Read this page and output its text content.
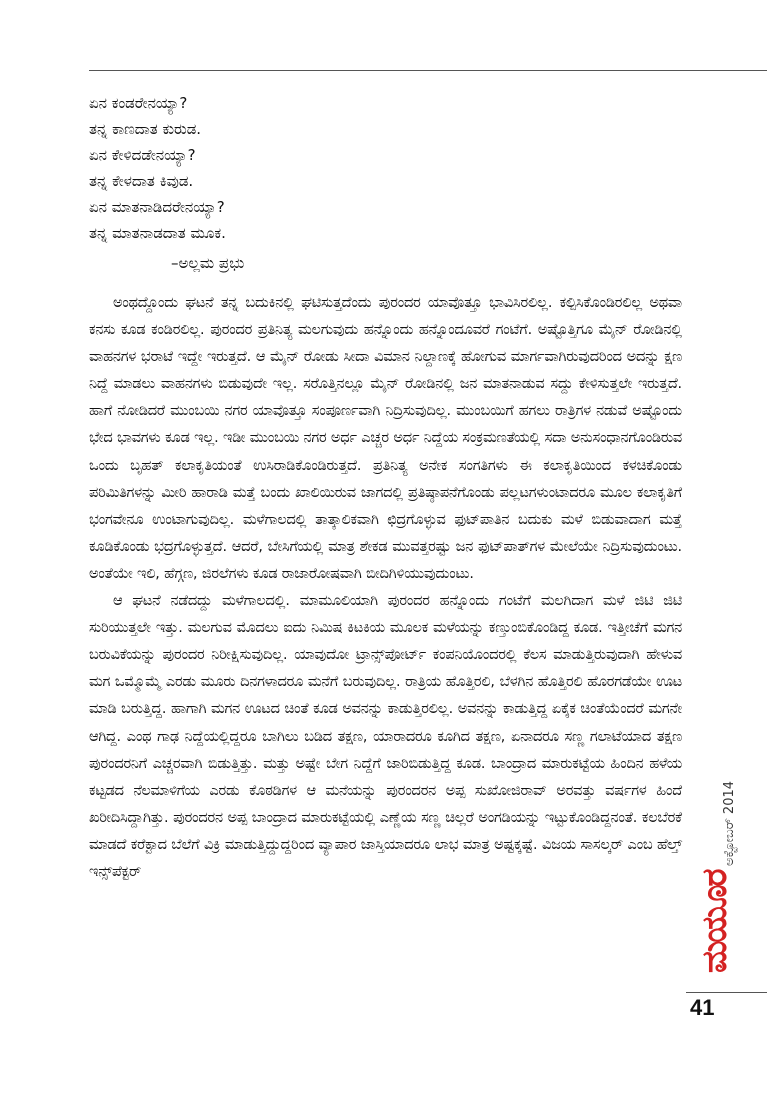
ಏನ ಕಂಡರೇನಯ್ಯಾ?
ತನ್ನ ಕಾಣದಾತ ಕುರುಡ.
ಏನ ಕೇಳಿದಡೇನಯ್ಯಾ?
ತನ್ನ ಕೇಳದಾತ ಕಿವುಡ.
ಏನ ಮಾತನಾಡಿದರೇನಯ್ಯಾ?
ತನ್ನ ಮಾತನಾಡದಾತ ಮೂಕ.
–ಅಲ್ಲಮ ಪ್ರಭು

ಅಂಥದ್ದೊಂದು ಘಟನೆ ತನ್ನ ಬದುಕಿನಲ್ಲಿ ಘಟಿಸುತ್ತದೆಂದು ಪುರಂದರ ಯಾವೊತ್ತೂ ಭಾವಿಸಿರಲಿಲ್ಲ. ಕಲ್ಪಿಸಿಕೊಂಡಿರಲಿಲ್ಲ ಅಥವಾ ಕನಸು ಕೂಡ ಕಂಡಿರಲಿಲ್ಲ. ಪುರಂದರ ಪ್ರತಿನಿತ್ಯ ಮಲಗುವುದು ಹನ್ನೊಂದು ಹನ್ನೊಂದೂವರೆ ಗಂಟೆಗೆ. ಅಷ್ಟೊತ್ತಿಗೂ ಮೈನ್ ರೋಡಿನಲ್ಲಿ ವಾಹನಗಳ ಭರಾಟೆ ಇದ್ದೇ ಇರುತ್ತದೆ. ಆ ಮೈನ್ ರೋಡು ಸೀದಾ ವಿಮಾನ ನಿಲ್ದಾಣಕ್ಕೆ ಹೋಗುವ ಮಾರ್ಗವಾಗಿರುವುದರಿಂದ ಅದನ್ನು ಕ್ಷಣ ನಿದ್ದೆ ಮಾಡಲು ವಾಹನಗಳು ಬಿಡುವುದೇ ಇಲ್ಲ. ಸರೊತ್ತಿನಲ್ಲೂ ಮೈನ್ ರೋಡಿನಲ್ಲಿ ಜನ ಮಾತನಾಡುವ ಸದ್ದು ಕೇಳಿಸುತ್ತಲೇ ಇರುತ್ತದೆ. ಹಾಗೆ ನೋಡಿದರೆ ಮುಂಬಯಿ ನಗರ ಯಾವೊತ್ತೂ ಸಂಪೂರ್ಣವಾಗಿ ನಿದ್ರಿಸುವುದಿಲ್ಲ. ಮುಂಬಯಿಗೆ ಹಗಲು ರಾತ್ರಿಗಳ ನಡುವೆ ಅಷ್ಟೊಂದು ಭೇದ ಭಾವಗಳು ಕೂಡ ಇಲ್ಲ. ಇಡೀ ಮುಂಬಯಿ ನಗರ ಅರ್ಧ ಎಚ್ಚರ ಅರ್ಧ ನಿದ್ದೆಯ ಸಂಕ್ರಮಣತೆಯಲ್ಲಿ ಸದಾ ಅನುಸಂಧಾನಗೊಂಡಿರುವ ಒಂದು ಬೃಹತ್ ಕಲಾಕೃತಿಯಂತೆ ಉಸಿರಾಡಿಕೊಂಡಿರುತ್ತದೆ. ಪ್ರತಿನಿತ್ಯ ಅನೇಕ ಸಂಗತಿಗಳು ಈ ಕಲಾಕೃತಿಯಿಂದ ಕಳಚಿಕೊಂಡು ಪರಿಮಿತಿಗಳನ್ನು ಮೀರಿ ಹಾರಾಡಿ ಮತ್ತೆ ಬಂದು ಖಾಲಿಯಿರುವ ಜಾಗದಲ್ಲಿ ಪ್ರತಿಷ್ಠಾಪನೆಗೊಂಡು ಪಲ್ಲಟಗಳುಂಟಾದರೂ ಮೂಲ ಕಲಾಕೃತಿಗೆ ಭಂಗವೇನೂ ಉಂಟಾಗುವುದಿಲ್ಲ. ಮಳೆಗಾಲದಲ್ಲಿ ತಾತ್ಕಾಲಿಕವಾಗಿ ಛಿದ್ರಗೊಳ್ಳುವ ಫುಟ್‌ಪಾತಿನ ಬದುಕು ಮಳೆ ಬಿಡುವಾದಾಗ ಮತ್ತೆ ಕೂಡಿಕೊಂಡು ಭದ್ರಗೊಳ್ಳುತ್ತದೆ. ಆದರೆ, ಬೇಸಿಗೆಯಲ್ಲಿ ಮಾತ್ರ ಶೇಕಡ ಮುವತ್ತರಷ್ಟು ಜನ ಫುಟ್‌ಪಾತ್‌ಗಳ ಮೇಲೆಯೇ ನಿದ್ರಿಸುವುದುಂಟು. ಅಂತೆಯೇ ಇಲಿ, ಹೆಗ್ಗಣ, ಜಿರಲೆಗಳು ಕೂಡ ರಾಜಾರೋಷವಾಗಿ ಬೀದಿಗಿಳಿಯುವುದುಂಟು.

ಆ ಘಟನೆ ನಡೆದದ್ದು ಮಳೆಗಾಲದಲ್ಲಿ. ಮಾಮೂಲಿಯಾಗಿ ಪುರಂದರ ಹನ್ನೊಂದು ಗಂಟೆಗೆ ಮಲಗಿದಾಗ ಮಳೆ ಜಿಟಿ ಜಿಟಿ ಸುರಿಯುತ್ತಲೇ ಇತ್ತು. ಮಲಗುವ ಮೊದಲು ಐದು ನಿಮಿಷ ಕಿಟಕಿಯ ಮೂಲಕ ಮಳೆಯನ್ನು ಕಣ್ತುಂಬಿಕೊಂಡಿದ್ದ ಕೂಡ. ಇತ್ತೀಚೆಗೆ ಮಗನ ಬರುವಿಕೆಯನ್ನು ಪುರಂದರ ನಿರೀಕ್ಷಿಸುವುದಿಲ್ಲ. ಯಾವುದೋ ಟ್ರಾನ್ಸ್‌ಪೋರ್ಟ್ ಕಂಪನಿಯೊಂದರಲ್ಲಿ ಕೆಲಸ ಮಾಡುತ್ತಿರುವುದಾಗಿ ಹೇಳುವ ಮಗ ಒಮ್ಮೊಮ್ಮೆ ಎರಡು ಮೂರು ದಿನಗಳಾದರೂ ಮನೆಗೆ ಬರುವುದಿಲ್ಲ. ರಾತ್ರಿಯ ಹೊತ್ತಿರಲಿ, ಬೆಳಗಿನ ಹೊತ್ತಿರಲಿ ಹೊರಗಡೆಯೇ ಊಟ ಮಾಡಿ ಬರುತ್ತಿದ್ದ. ಹಾಗಾಗಿ ಮಗನ ಊಟದ ಚಿಂತೆ ಕೂಡ ಅವನನ್ನು ಕಾಡುತ್ತಿರಲಿಲ್ಲ. ಅವನನ್ನು ಕಾಡುತ್ತಿದ್ದ ಏಕೈಕ ಚಿಂತೆಯೆಂದರೆ ಮಗನೇ ಆಗಿದ್ದ. ಎಂಥ ಗಾಢ ನಿದ್ದೆಯಲ್ಲಿದ್ದರೂ ಬಾಗಿಲು ಬಡಿದ ತಕ್ಷಣ, ಯಾರಾದರೂ ಕೂಗಿದ ತಕ್ಷಣ, ಏನಾದರೂ ಸಣ್ಣ ಗಲಾಟೆಯಾದ ತಕ್ಷಣ ಪುರಂದರನಿಗೆ ಎಚ್ಚರವಾಗಿ ಬಿಡುತ್ತಿತ್ತು. ಮತ್ತು ಅಷ್ಟೇ ಬೇಗ ನಿದ್ದೆಗೆ ಜಾರಿಬಿಡುತ್ತಿದ್ದ ಕೂಡ. ಬಾಂದ್ರಾದ ಮಾರುಕಟ್ಟೆಯ ಹಿಂದಿನ ಹಳೆಯ ಕಟ್ಟಡದ ನೆಲಮಾಳಿಗೆಯ ಎರಡು ಕೊಠಡಿಗಳ ಆ ಮನೆಯನ್ನು ಪುರಂದರನ ಅಪ್ಪ ಸುಖೋಜಿರಾವ್ ಅರವತ್ತು ವರ್ಷಗಳ ಹಿಂದೆ ಖರೀದಿಸಿದ್ದಾಗಿತ್ತು. ಪುರಂದರನ ಅಪ್ಪ ಬಾಂದ್ರಾದ ಮಾರುಕಟ್ಟೆಯಲ್ಲಿ ಎಣ್ಣೆಯ ಸಣ್ಣ ಚಿಲ್ಲರೆ ಅಂಗಡಿಯನ್ನು ಇಟ್ಟುಕೊಂಡಿದ್ದನಂತೆ. ಕಲಬೆರಕೆ ಮಾಡದೆ ಕರೆಕ್ಟಾದ ಬೆಲೆಗೆ ವಿಕ್ರಿ ಮಾಡುತ್ತಿದ್ದುದ್ದರಿಂದ ವ್ಯಾಪಾರ ಜಾಸ್ತಿಯಾದರೂ ಲಾಭ ಮಾತ್ರ ಅಷ್ಟಕ್ಕಷ್ಟೆ. ವಿಜಯ ಸಾಸಲ್ಕರ್ ಎಂಬ ಹೆಲ್ತ್ ಇನ್ಸ್‌ಪೆಕ್ಟರ್

ಅಕ್ಟೋಬರ್ 2014
ಮಯೂರ
41
